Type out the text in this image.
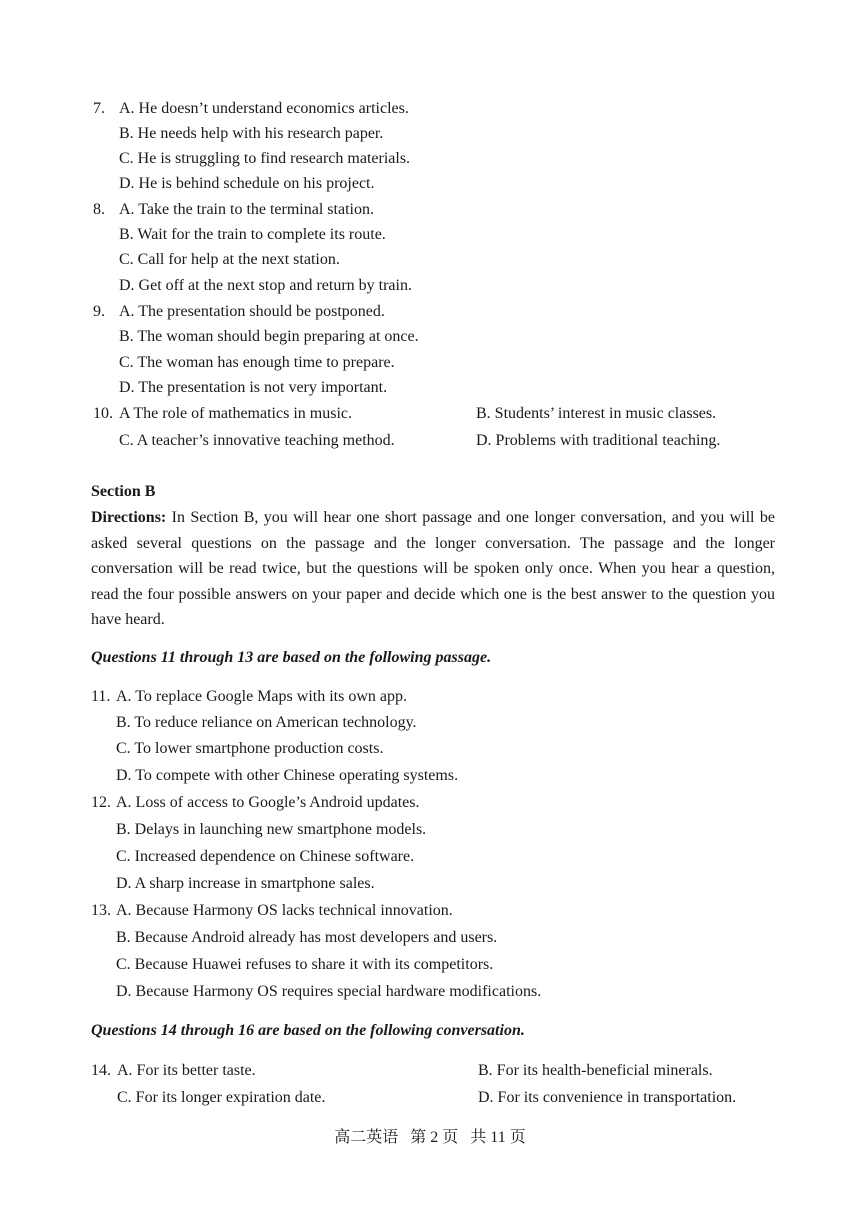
7. A. He doesn’t understand economics articles.
B. He needs help with his research paper.
C. He is struggling to find research materials.
D. He is behind schedule on his project.
8. A. Take the train to the terminal station.
B. Wait for the train to complete its route.
C. Call for help at the next station.
D. Get off at the next stop and return by train.
9. A. The presentation should be postponed.
B. The woman should begin preparing at once.
C. The woman has enough time to prepare.
D. The presentation is not very important.
10. A The role of mathematics in music.	B. Students’ interest in music classes.
C. A teacher’s innovative teaching method.	D. Problems with traditional teaching.
Section B
Directions: In Section B, you will hear one short passage and one longer conversation, and you will be asked several questions on the passage and the longer conversation. The passage and the longer conversation will be read twice, but the questions will be spoken only once. When you hear a question, read the four possible answers on your paper and decide which one is the best answer to the question you have heard.
Questions 11 through 13 are based on the following passage.
11. A. To replace Google Maps with its own app.
B. To reduce reliance on American technology.
C. To lower smartphone production costs.
D. To compete with other Chinese operating systems.
12. A. Loss of access to Google’s Android updates.
B. Delays in launching new smartphone models.
C. Increased dependence on Chinese software.
D. A sharp increase in smartphone sales.
13. A. Because Harmony OS lacks technical innovation.
B. Because Android already has most developers and users.
C. Because Huawei refuses to share it with its competitors.
D. Because Harmony OS requires special hardware modifications.
Questions 14 through 16 are based on the following conversation.
14. A. For its better taste.	B. For its health-beneficial minerals.
C. For its longer expiration date.	D. For its convenience in transportation.
高二英语 第 2 页 共 11 页
